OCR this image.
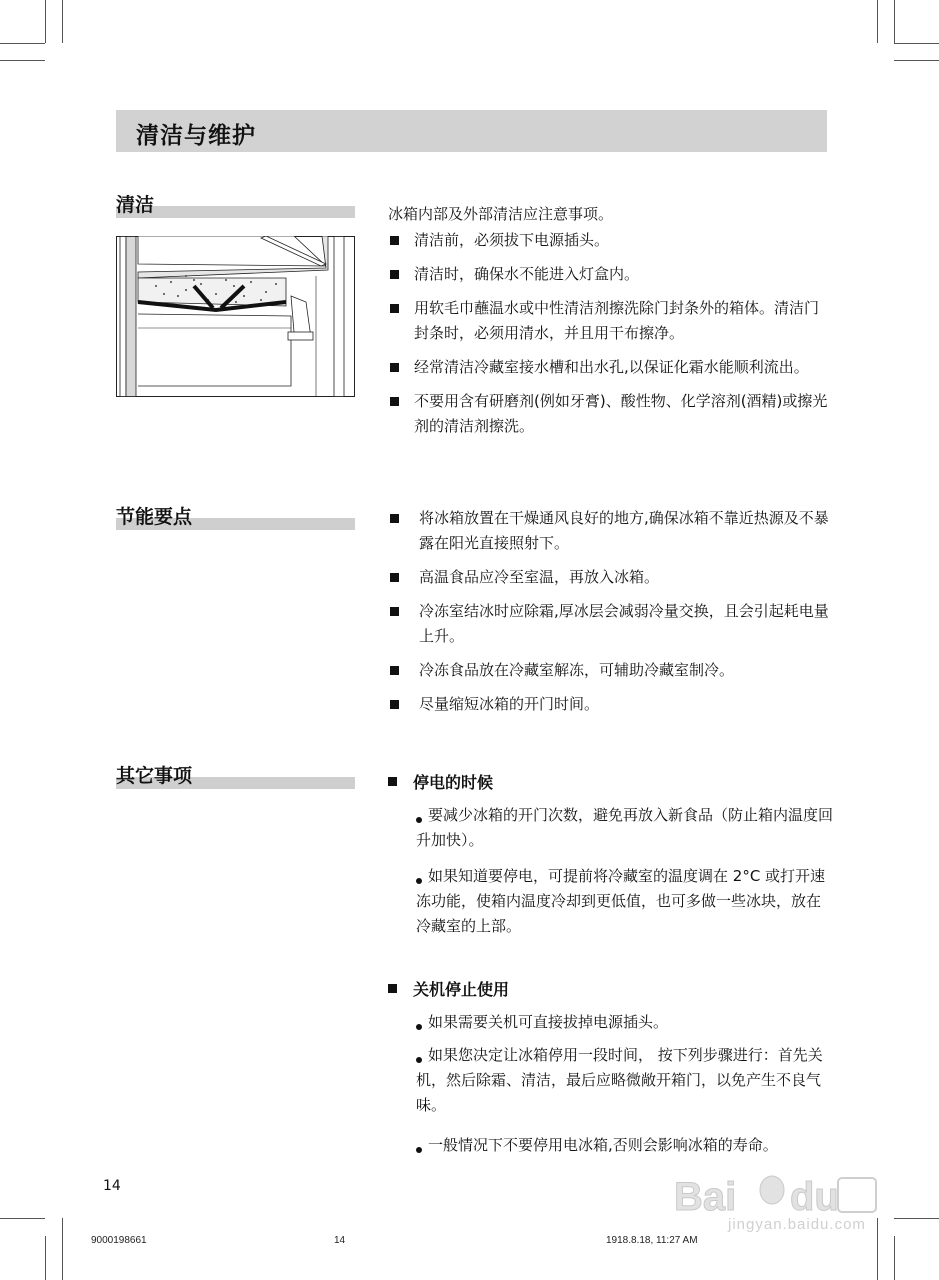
清洁与维护
清洁	冰箱内部及外部清洁应注意事项。
清洁前，必须拔下电源插头。
清洁时，确保水不能进入灯盒内。
用软毛巾蘸温水或中性清洁剂擦洗除门封条外的箱体。清洁门封条时，必须用清水，并且用干布擦净。
经常清洁冷藏室接水槽和出水孔,以保证化霜水能顺利流出。
不要用含有研磨剂(例如牙膏)、酸性物、化学溶剂(酒精)或擦光剂的清洁剂擦洗。
节能要点	将冰箱放置在干燥通风良好的地方,确保冰箱不靠近热源及不暴露在阳光直接照射下。
高温食品应冷至室温，再放入冰箱。
冷冻室结冰时应除霜,厚冰层会减弱冷量交换，且会引起耗电量上升。
冷冻食品放在冷藏室解冻，可辅助冷藏室制冷。
尽量缩短冰箱的开门时间。
其它事项	停电的时候
要减少冰箱的开门次数，避免再放入新食品（防止箱内温度回升加快）。
如果知道要停电，可提前将冷藏室的温度调在 2°C 或打开速冻功能，使箱内温度冷却到更低值，也可多做一些冰块，放在冷藏室的上部。
关机停止使用
如果需要关机可直接拔掉电源插头。
如果您决定让冰箱停用一段时间， 按下列步骤进行：首先关机，然后除霜、清洁，最后应略微敞开箱门，以免产生不良气味。
一般情况下不要停用电冰箱,否则会影响冰箱的寿命。
14	Bai du
jingyan.baidu.com
9000198661	14	1918.8.18, 11:27 AM
